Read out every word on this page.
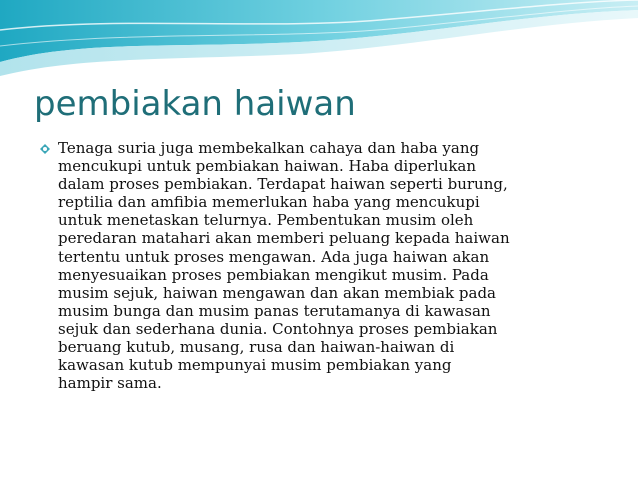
pembiakan haiwan

Tenaga suria juga membekalkan cahaya dan haba yang
mencukupi untuk pembiakan haiwan. Haba diperlukan
dalam proses pembiakan. Terdapat haiwan seperti burung,
reptilia dan amfibia memerlukan haba yang mencukupi
untuk menetaskan telurnya. Pembentukan musim oleh
peredaran matahari akan memberi peluang kepada haiwan
tertentu untuk proses mengawan. Ada juga haiwan akan
menyesuaikan proses pembiakan mengikut musim. Pada
musim sejuk, haiwan mengawan dan akan membiak pada
musim bunga dan musim panas terutamanya di kawasan
sejuk dan sederhana dunia. Contohnya proses pembiakan
beruang kutub, musang, rusa dan haiwan-haiwan di
kawasan kutub mempunyai musim pembiakan yang
hampir sama.
